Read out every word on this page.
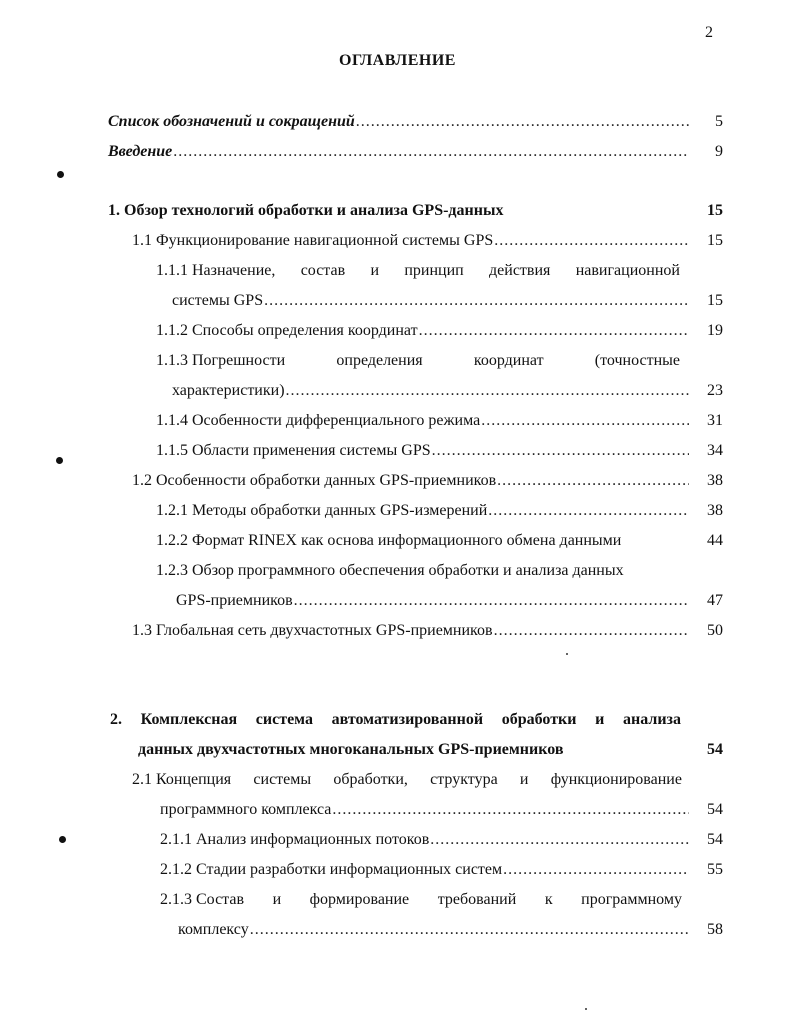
2
ОГЛАВЛЕНИЕ
Список обозначений и сокращений .....	5
Введение .....	9
1. Обзор технологий обработки и анализа GPS-данных	15
1.1 Функционирование навигационной системы GPS .....	15
1.1.1 Назначение, состав и принцип действия навигационной
системы GPS .....	15
1.1.2 Способы определения координат .....	19
1.1.3 Погрешности	определения	координат	(точностные
характеристики) .....	23
1.1.4 Особенности дифференциального режима .....	31
1.1.5 Области применения системы GPS .....	34
1.2 Особенности обработки данных GPS-приемников .....	38
1.2.1 Методы обработки данных GPS-измерений .....	38
1.2.2 Формат RINEX как основа информационного обмена данными	44
1.2.3 Обзор программного обеспечения обработки и анализа данных
GPS-приемников .....	47
1.3 Глобальная сеть двухчастотных GPS-приемников .....	50
2. Комплексная система автоматизированной обработки и анализа
данных двухчастотных многоканальных GPS-приемников	54
2.1 Концепция системы обработки, структура и функционирование
программного комплекса .....	54
2.1.1 Анализ информационных потоков .....	54
2.1.2 Стадии разработки информационных систем .....	55
2.1.3 Состав и формирование требований к программному
комплексу .....	58
